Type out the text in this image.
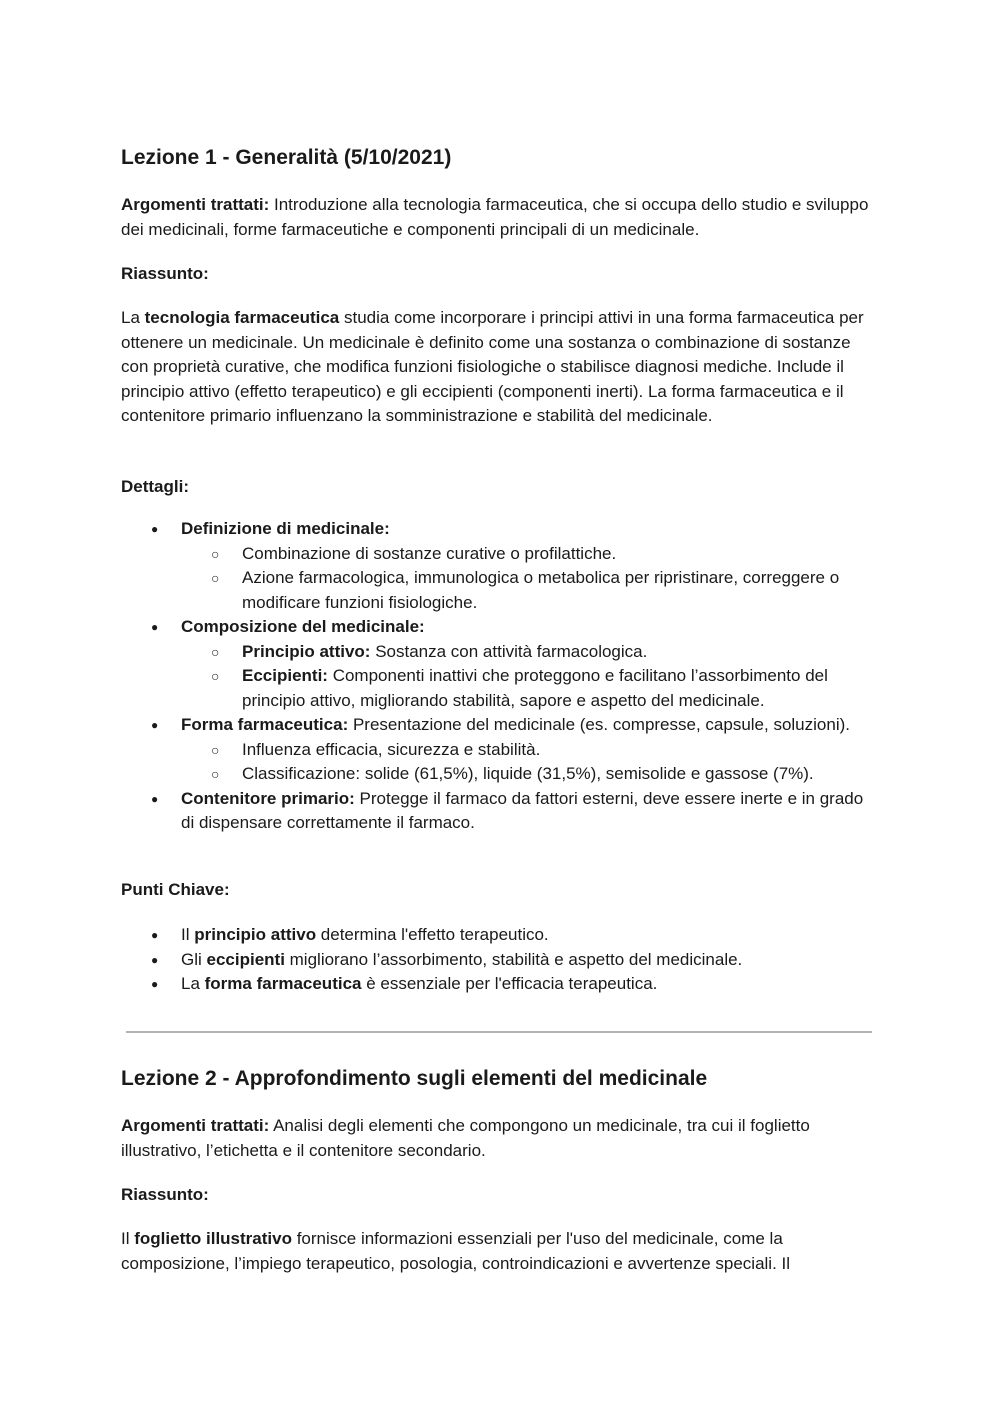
Lezione 1 - Generalità (5/10/2021)

Argomenti trattati: Introduzione alla tecnologia farmaceutica, che si occupa dello studio e sviluppo dei medicinali, forme farmaceutiche e componenti principali di un medicinale.

Riassunto:

La tecnologia farmaceutica studia come incorporare i principi attivi in una forma farmaceutica per ottenere un medicinale. Un medicinale è definito come una sostanza o combinazione di sostanze con proprietà curative, che modifica funzioni fisiologiche o stabilisce diagnosi mediche. Include il principio attivo (effetto terapeutico) e gli eccipienti (componenti inerti). La forma farmaceutica e il contenitore primario influenzano la somministrazione e stabilità del medicinale.

Dettagli:

● Definizione di medicinale:
○ Combinazione di sostanze curative o profilattiche.
○ Azione farmacologica, immunologica o metabolica per ripristinare, correggere o modificare funzioni fisiologiche.
● Composizione del medicinale:
○ Principio attivo: Sostanza con attività farmacologica.
○ Eccipienti: Componenti inattivi che proteggono e facilitano l’assorbimento del principio attivo, migliorando stabilità, sapore e aspetto del medicinale.
● Forma farmaceutica: Presentazione del medicinale (es. compresse, capsule, soluzioni).
○ Influenza efficacia, sicurezza e stabilità.
○ Classificazione: solide (61,5%), liquide (31,5%), semisolide e gassose (7%).
● Contenitore primario: Protegge il farmaco da fattori esterni, deve essere inerte e in grado di dispensare correttamente il farmaco.

Punti Chiave:

● Il principio attivo determina l'effetto terapeutico.
● Gli eccipienti migliorano l’assorbimento, stabilità e aspetto del medicinale.
● La forma farmaceutica è essenziale per l'efficacia terapeutica.
Lezione 2 - Approfondimento sugli elementi del medicinale

Argomenti trattati: Analisi degli elementi che compongono un medicinale, tra cui il foglietto illustrativo, l’etichetta e il contenitore secondario.

Riassunto:

Il foglietto illustrativo fornisce informazioni essenziali per l'uso del medicinale, come la composizione, l’impiego terapeutico, posologia, controindicazioni e avvertenze speciali. Il
